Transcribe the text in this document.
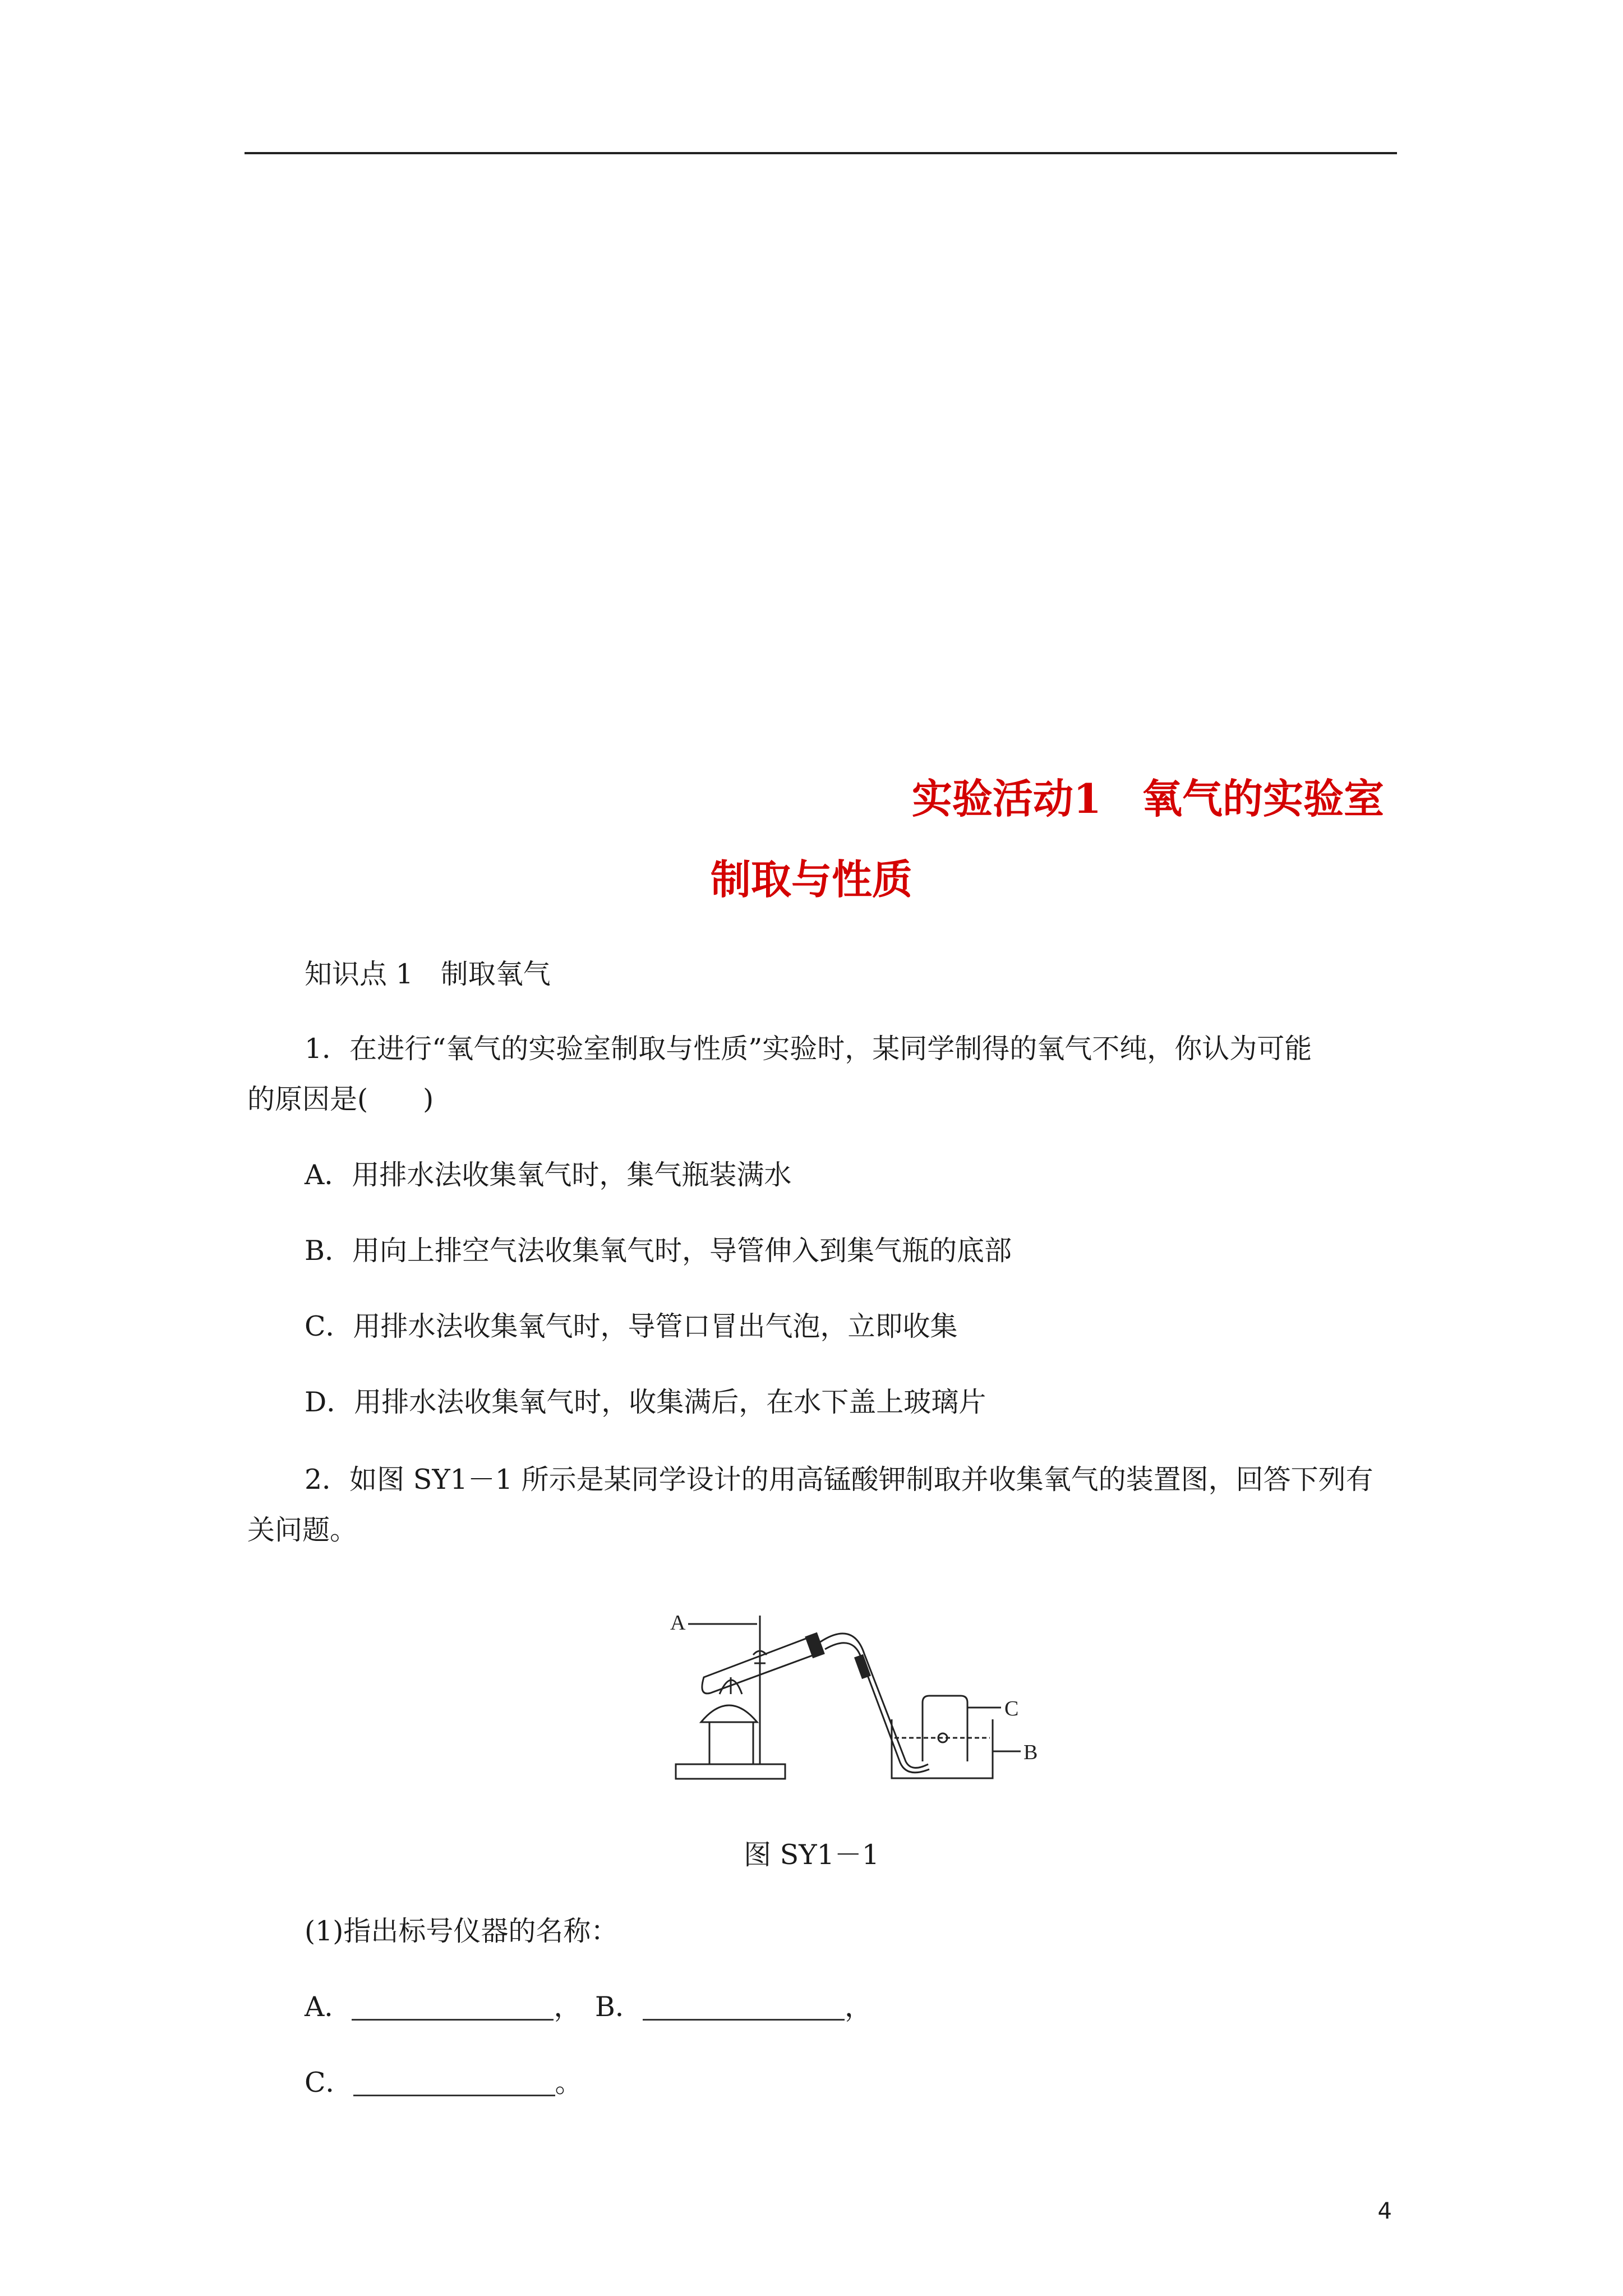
实验活动1　氧气的实验室
制取与性质
知识点 1　制取氧气
1．在进行“氧气的实验室制取与性质”实验时，某同学制得的氧气不纯，你认为可能
的原因是(　　)
A．用排水法收集氧气时，集气瓶装满水
B．用向上排空气法收集氧气时，导管伸入到集气瓶的底部
C．用排水法收集氧气时，导管口冒出气泡，立即收集
D．用排水法收集氧气时，收集满后，在水下盖上玻璃片
2．如图 SY1－1 所示是某同学设计的用高锰酸钾制取并收集氧气的装置图，回答下列有
关问题。
A
C
B
图 SY1－1
(1)指出标号仪器的名称：
A．	，　 B．	，
C．	。
4
